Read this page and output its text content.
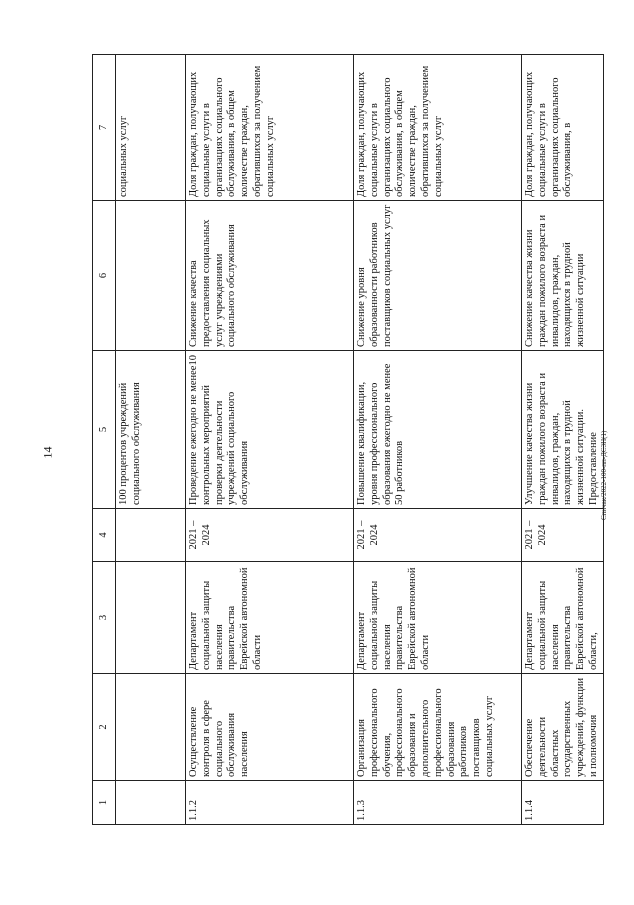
14	Спичак/2022-100-пп-ДСЗН(1)
1	2	3	4	5	6	7
				100 процентов учреждений социального обслуживания		социальных услуг
1.1.2	Осуществление контроля в сфере социального обслуживания населения	Департамент социальной защиты населения правительства Еврейской автономной области	2021 – 2024	Проведение ежегодно не менее10 контрольных мероприятий проверки деятельности учреждений социального обслуживания	Снижение качества предоставления социальных услуг учреждениями социального обслуживания	Доля граждан, получающих социальные услуги в организациях социального обслуживания, в общем количестве граждан, обратившихся за получением социальных услуг
1.1.3	Организация профессионального обучения, профессионального образования и дополнительного профессионального образования работников поставщиков социальных услуг	Департамент социальной защиты населения правительства Еврейской автономной области	2021 – 2024	Повышение квалификации, уровня профессионального образования ежегодно не менее 50 работников	Снижение уровня образованности работников поставщиков социальных услуг	Доля граждан, получающих социальные услуги в организациях социального обслуживания, в общем количестве граждан, обратившихся за получением социальных услуг
1.1.4	Обеспечение деятельности областных государственных учреждений, функции и полномочия	Департамент социальной защиты населения правительства Еврейской автономной области,	2021 – 2024	Улучшение качества жизни граждан пожилого возраста и инвалидов, граждан, находящихся в трудной жизненной ситуации. Предоставление	Снижение качества жизни граждан пожилого возраста и инвалидов, граждан, находящихся в трудной жизненной ситуации	Доля граждан, получающих социальные услуги в организациях социального обслуживания, в
